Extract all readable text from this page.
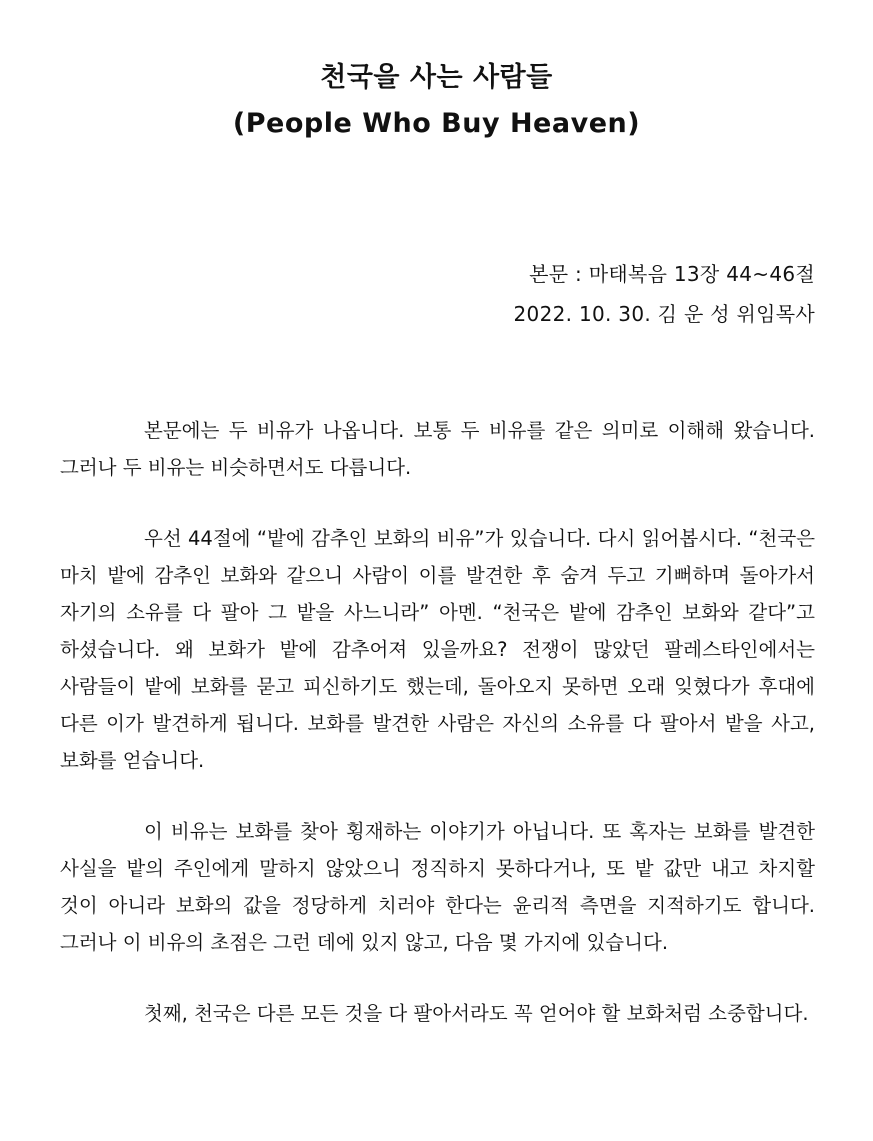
천국을 사는 사람들
(People Who Buy Heaven)
본문 : 마태복음 13장 44~46절
2022. 10. 30. 김 운 성 위임목사

본문에는 두 비유가 나옵니다. 보통 두 비유를 같은 의미로 이해해 왔습니다. 그러나 두 비유는 비슷하면서도 다릅니다.

우선 44절에 “밭에 감추인 보화의 비유”가 있습니다. 다시 읽어봅시다. “천국은 마치 밭에 감추인 보화와 같으니 사람이 이를 발견한 후 숨겨 두고 기뻐하며 돌아가서 자기의 소유를 다 팔아 그 밭을 사느니라” 아멘. “천국은 밭에 감추인 보화와 같다”고 하셨습니다. 왜 보화가 밭에 감추어져 있을까요? 전쟁이 많았던 팔레스타인에서는 사람들이 밭에 보화를 묻고 피신하기도 했는데, 돌아오지 못하면 오래 잊혔다가 후대에 다른 이가 발견하게 됩니다. 보화를 발견한 사람은 자신의 소유를 다 팔아서 밭을 사고, 보화를 얻습니다.

이 비유는 보화를 찾아 횡재하는 이야기가 아닙니다. 또 혹자는 보화를 발견한 사실을 밭의 주인에게 말하지 않았으니 정직하지 못하다거나, 또 밭 값만 내고 차지할 것이 아니라 보화의 값을 정당하게 치러야 한다는 윤리적 측면을 지적하기도 합니다. 그러나 이 비유의 초점은 그런 데에 있지 않고, 다음 몇 가지에 있습니다.

첫째, 천국은 다른 모든 것을 다 팔아서라도 꼭 얻어야 할 보화처럼 소중합니다.
